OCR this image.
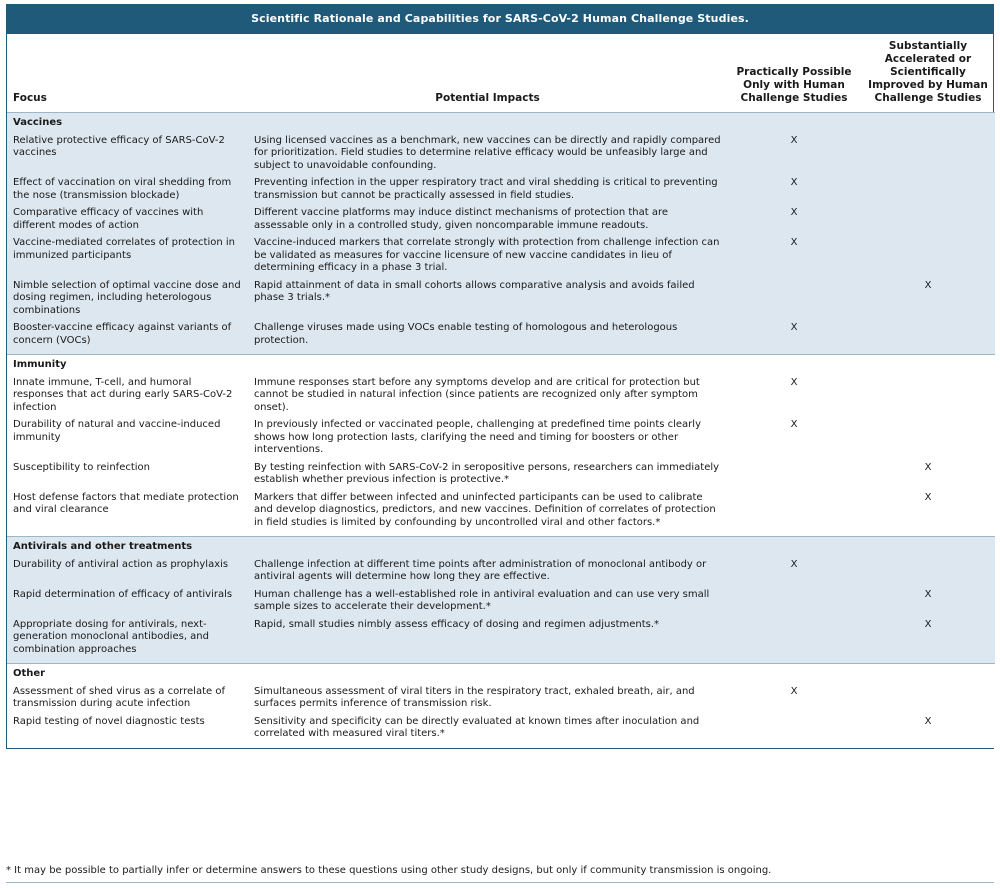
Scientific Rationale and Capabilities for SARS-CoV-2 Human Challenge Studies.
Focus	Potential Impacts	Practically Possible Only with Human Challenge Studies	Substantially Accelerated or Scientifically Improved by Human Challenge Studies
Vaccines			
Relative protective efficacy of SARS-CoV-2 vaccines	Using licensed vaccines as a benchmark, new vaccines can be directly and rapidly compared for prioritization. Field studies to determine relative efficacy would be unfeasibly large and subject to unavoidable confounding.	X	
Effect of vaccination on viral shedding from the nose (transmission blockade)	Preventing infection in the upper respiratory tract and viral shedding is critical to preventing transmission but cannot be practically assessed in field studies.	X	
Comparative efficacy of vaccines with different modes of action	Different vaccine platforms may induce distinct mechanisms of protection that are assessable only in a controlled study, given noncomparable immune readouts.	X	
Vaccine-mediated correlates of protection in immunized participants	Vaccine-induced markers that correlate strongly with protection from challenge infection can be validated as measures for vaccine licensure of new vaccine candidates in lieu of determining efficacy in a phase 3 trial.	X	
Nimble selection of optimal vaccine dose and dosing regimen, including heterologous combinations	Rapid attainment of data in small cohorts allows comparative analysis and avoids failed phase 3 trials.*		X
Booster-vaccine efficacy against variants of concern (VOCs)	Challenge viruses made using VOCs enable testing of homologous and heterologous protection.	X	

Immunity			
Innate immune, T-cell, and humoral responses that act during early SARS-CoV-2 infection	Immune responses start before any symptoms develop and are critical for protection but cannot be studied in natural infection (since patients are recognized only after symptom onset).	X	
Durability of natural and vaccine-induced immunity	In previously infected or vaccinated people, challenging at predefined time points clearly shows how long protection lasts, clarifying the need and timing for boosters or other interventions.	X	
Susceptibility to reinfection	By testing reinfection with SARS-CoV-2 in seropositive persons, researchers can immediately establish whether previous infection is protective.*		X
Host defense factors that mediate protection and viral clearance	Markers that differ between infected and uninfected participants can be used to calibrate and develop diagnostics, predictors, and new vaccines. Definition of correlates of protection in field studies is limited by confounding by uncontrolled viral and other factors.*		X

Antivirals and other treatments			
Durability of antiviral action as prophylaxis	Challenge infection at different time points after administration of monoclonal antibody or antiviral agents will determine how long they are effective.	X	
Rapid determination of efficacy of antivirals	Human challenge has a well-established role in antiviral evaluation and can use very small sample sizes to accelerate their development.*		X
Appropriate dosing for antivirals, next-generation monoclonal antibodies, and combination approaches	Rapid, small studies nimbly assess efficacy of dosing and regimen adjustments.*		X

Other			
Assessment of shed virus as a correlate of transmission during acute infection	Simultaneous assessment of viral titers in the respiratory tract, exhaled breath, air, and surfaces permits inference of transmission risk.	X	
Rapid testing of novel diagnostic tests	Sensitivity and specificity can be directly evaluated at known times after inoculation and correlated with measured viral titers.*		X

* It may be possible to partially infer or determine answers to these questions using other study designs, but only if community transmission is ongoing.
